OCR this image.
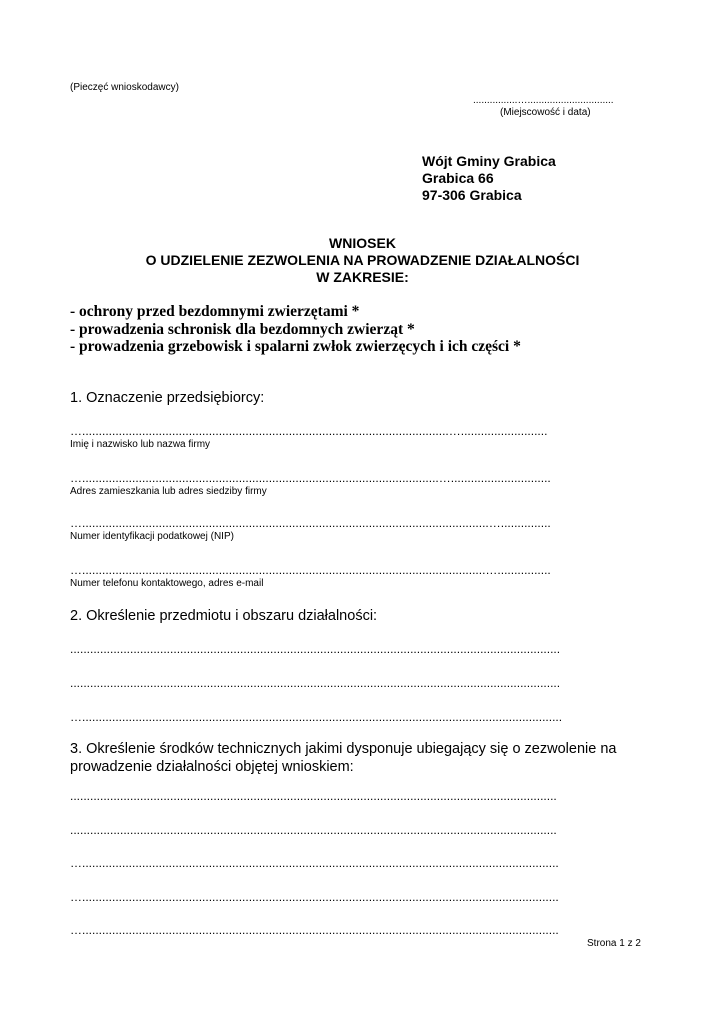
(Pieczęć wnioskodawcy)
................…...............................
(Miejscowość i data)
Wójt Gminy Grabica
Grabica 66
97-306 Grabica
WNIOSEK
O UDZIELENIE ZEZWOLENIA NA PROWADZENIE DZIAŁALNOŚCI
W ZAKRESIE:
- ochrony przed bezdomnymi zwierzętami *
- prowadzenia schronisk dla bezdomnych zwierząt *
- prowadzenia grzebowisk i spalarni zwłok zwierzęcych i ich części *
1. Oznaczenie przedsiębiorcy:
…..............................................................................................................…..........................
Imię i nazwisko lub nazwa firmy
…...........................................................................................................…..............................
Adres zamieszkania lub adres siedziby firmy
…..........................................................................................................................…...............
Numer identyfikacji podatkowej (NIP)
….........................................................................................................................…................
Numer telefonu kontaktowego, adres e-mail
2. Określenie przedmiotu i obszaru działalności:
...................................................................................................................................................
...................................................................................................................................................
…................................................................................................................................................
3. Określenie środków technicznych jakimi dysponuje ubiegający się o zezwolenie na
prowadzenie działalności objętej wnioskiem:
..................................................................................................................................................
..................................................................................................................................................
…...............................................................................................................................................
…...............................................................................................................................................
…...............................................................................................................................................
Strona 1 z 2
